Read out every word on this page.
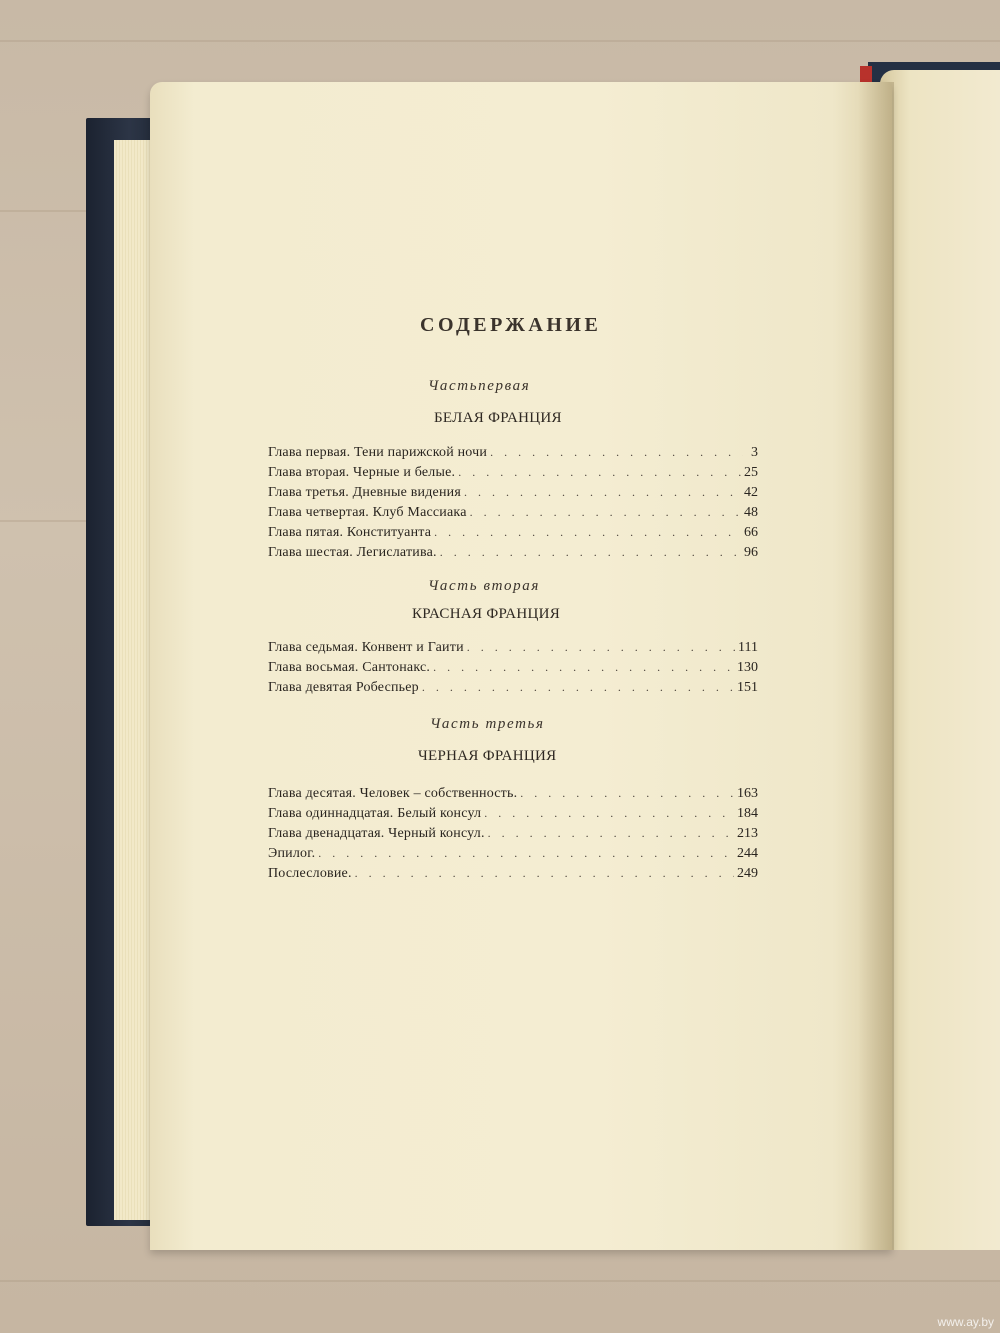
СОДЕРЖАНИЕ
Частьпервая
БЕЛАЯ ФРАНЦИЯ
Глава первая. Тени парижской ночи . . .	3
Глава вторая. Черные и белые. . . .	25
Глава третья. Дневные видения . . .	42
Глава четвертая. Клуб Массиака . . .	48
Глава пятая. Конституанта . . .	66
Глава шестая. Легислатива. . . .	96
Часть вторая
КРАСНАЯ ФРАНЦИЯ
Глава седьмая. Конвент и Гаити . . .	111
Глава восьмая. Сантонакс. . . .	130
Глава девятая Робеспьер . . .	151
Часть третья
ЧЕРНАЯ ФРАНЦИЯ
Глава десятая. Человек – собственность. . . .	163
Глава одиннадцатая. Белый консул . . .	184
Глава двенадцатая. Черный консул. . . .	213
Эпилог. . . .	244
Послесловие. . . .	249
www.ay.by
